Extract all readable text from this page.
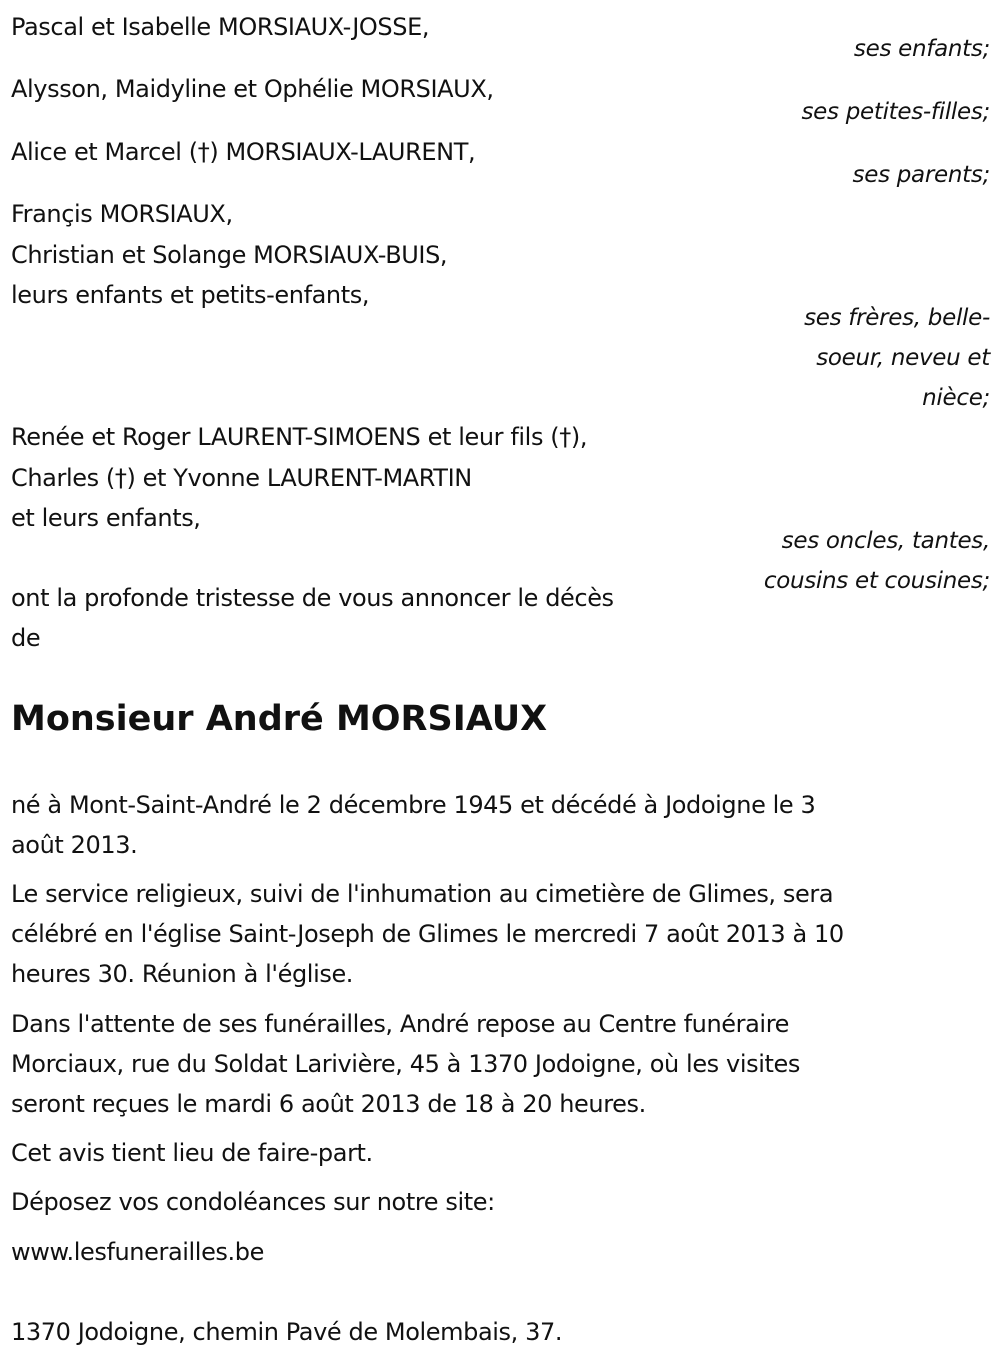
Pascal et Isabelle MORSIAUX-JOSSE,
ses enfants;
Alysson, Maidyline et Ophélie MORSIAUX,
ses petites-filles;
Alice et Marcel (†) MORSIAUX-LAURENT,
ses parents;
Françis MORSIAUX,
Christian et Solange MORSIAUX-BUIS,
leurs enfants et petits-enfants,
ses frères, belle-
soeur, neveu et
nièce;
Renée et Roger LAURENT-SIMOENS et leur fils (†),
Charles (†) et Yvonne LAURENT-MARTIN
et leurs enfants,
ses oncles, tantes,
cousins et cousines;
ont la profonde tristesse de vous annoncer le décès
de
Monsieur André MORSIAUX
né à Mont-Saint-André le 2 décembre 1945 et décédé à Jodoigne le 3
août 2013.
Le service religieux, suivi de l'inhumation au cimetière de Glimes, sera
célébré en l'église Saint-Joseph de Glimes le mercredi 7 août 2013 à 10
heures 30. Réunion à l'église.
Dans l'attente de ses funérailles, André repose au Centre funéraire
Morciaux, rue du Soldat Larivière, 45 à 1370 Jodoigne, où les visites
seront reçues le mardi 6 août 2013 de 18 à 20 heures.
Cet avis tient lieu de faire-part.
Déposez vos condoléances sur notre site:
www.lesfunerailles.be
1370 Jodoigne, chemin Pavé de Molembais, 37.
